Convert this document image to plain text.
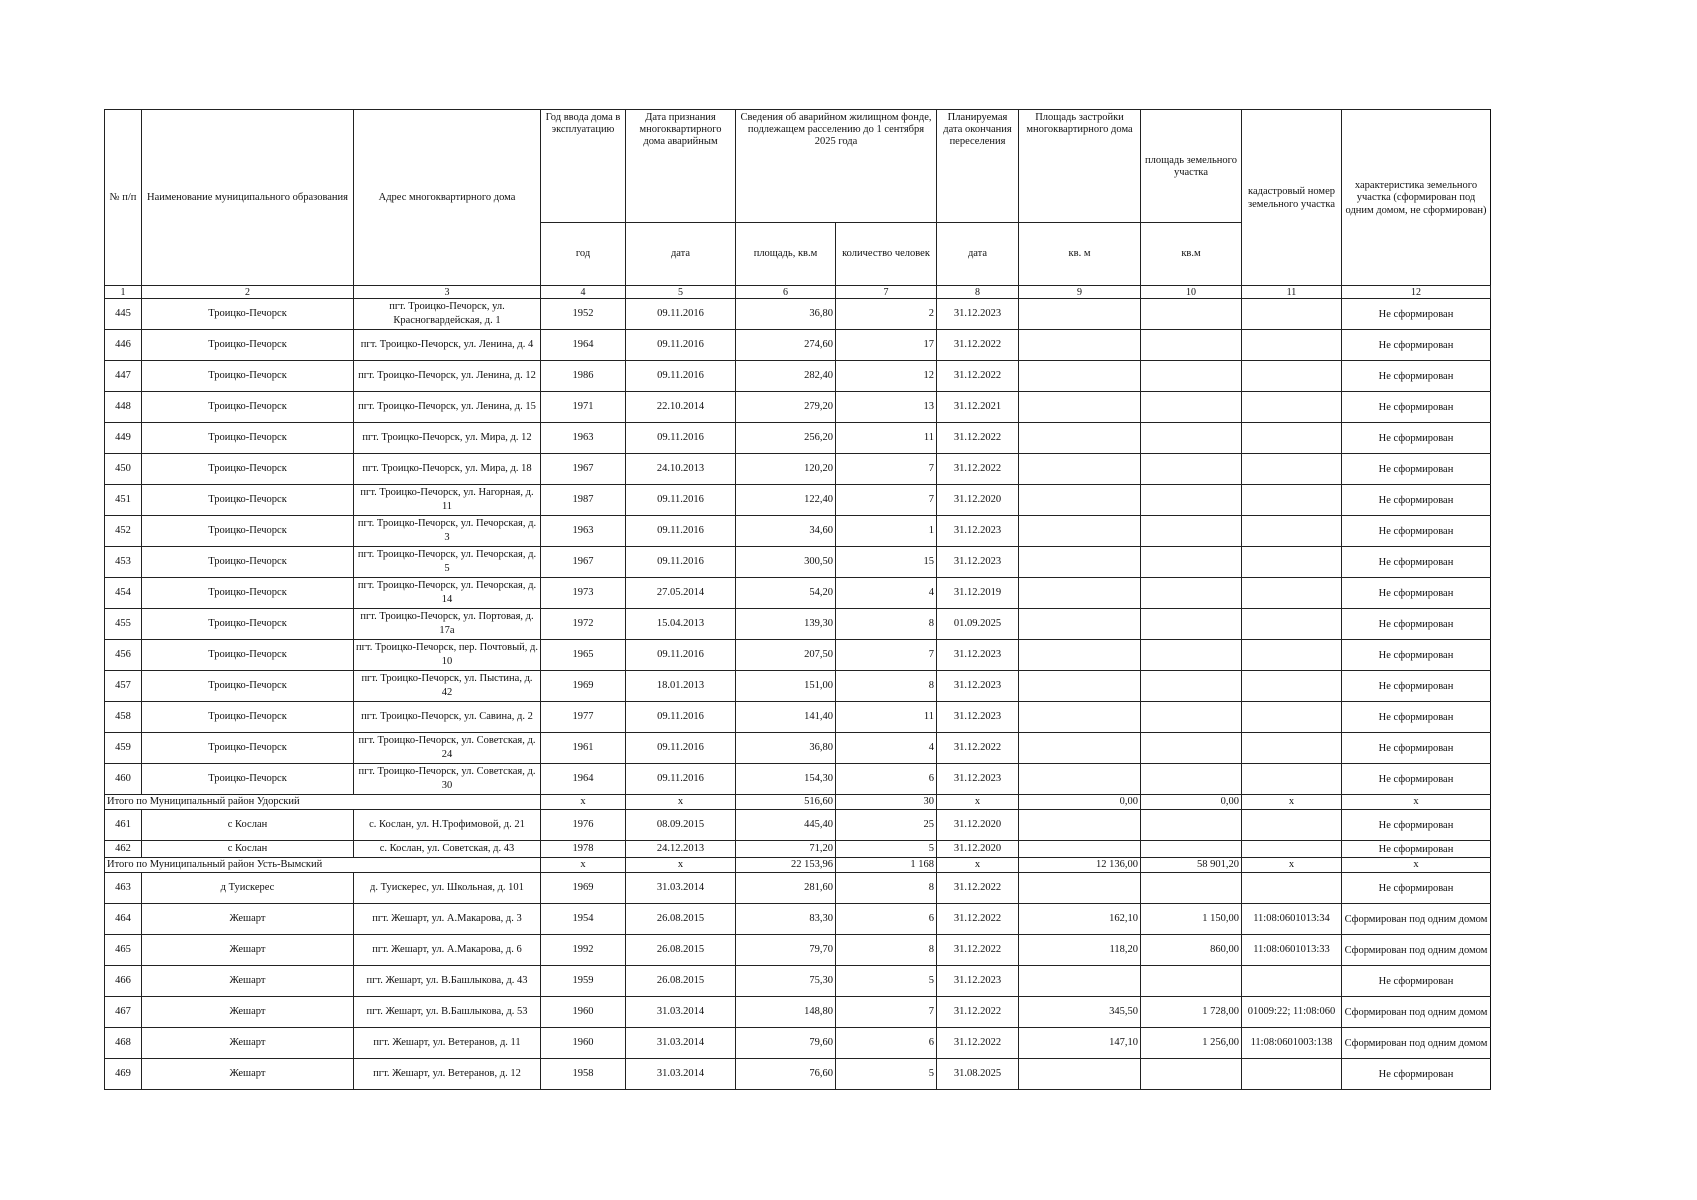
№ п/п	Наименование муниципального образования	Адрес многоквартирного дома	Год ввода дома в эксплуатацию	Дата признания многоквартирного дома аварийным	Сведения об аварийном жилищном фонде, подлежащем расселению до 1 сентября 2025 года		Планируемая дата окончания переселения	Площадь застройки многоквартирного дома	площадь земельного участка	кадастровый номер земельного участка	характеристика земельного участка (сформирован под одним домом, не сформирован)
			год	дата	площадь, кв.м	количество человек	дата	кв. м	кв.м		
1	2	3	4	5	6	7	8	9	10	11	12
445	Троицко-Печорск	пгт. Троицко-Печорск, ул. Красногвардейская, д. 1	1952	09.11.2016	36,80	2	31.12.2023				Не сформирован
446	Троицко-Печорск	пгт. Троицко-Печорск, ул. Ленина, д. 4	1964	09.11.2016	274,60	17	31.12.2022				Не сформирован
447	Троицко-Печорск	пгт. Троицко-Печорск, ул. Ленина, д. 12	1986	09.11.2016	282,40	12	31.12.2022				Не сформирован
448	Троицко-Печорск	пгт. Троицко-Печорск, ул. Ленина, д. 15	1971	22.10.2014	279,20	13	31.12.2021				Не сформирован
449	Троицко-Печорск	пгт. Троицко-Печорск, ул. Мира, д. 12	1963	09.11.2016	256,20	11	31.12.2022				Не сформирован
450	Троицко-Печорск	пгт. Троицко-Печорск, ул. Мира, д. 18	1967	24.10.2013	120,20	7	31.12.2022				Не сформирован
451	Троицко-Печорск	пгт. Троицко-Печорск, ул. Нагорная, д. 11	1987	09.11.2016	122,40	7	31.12.2020				Не сформирован
452	Троицко-Печорск	пгт. Троицко-Печорск, ул. Печорская, д. 3	1963	09.11.2016	34,60	1	31.12.2023				Не сформирован
453	Троицко-Печорск	пгт. Троицко-Печорск, ул. Печорская, д. 5	1967	09.11.2016	300,50	15	31.12.2023				Не сформирован
454	Троицко-Печорск	пгт. Троицко-Печорск, ул. Печорская, д. 14	1973	27.05.2014	54,20	4	31.12.2019				Не сформирован
455	Троицко-Печорск	пгт. Троицко-Печорск, ул. Портовая, д. 17а	1972	15.04.2013	139,30	8	01.09.2025				Не сформирован
456	Троицко-Печорск	пгт. Троицко-Печорск, пер. Почтовый, д. 10	1965	09.11.2016	207,50	7	31.12.2023				Не сформирован
457	Троицко-Печорск	пгт. Троицко-Печорск, ул. Пыстина, д. 42	1969	18.01.2013	151,00	8	31.12.2023				Не сформирован
458	Троицко-Печорск	пгт. Троицко-Печорск, ул. Савина, д. 2	1977	09.11.2016	141,40	11	31.12.2023				Не сформирован
459	Троицко-Печорск	пгт. Троицко-Печорск, ул. Советская, д. 24	1961	09.11.2016	36,80	4	31.12.2022				Не сформирован
460	Троицко-Печорск	пгт. Троицко-Печорск, ул. Советская, д. 30	1964	09.11.2016	154,30	6	31.12.2023				Не сформирован
Итого по Муниципальный район Удорский			x	x	516,60	30	x	0,00	0,00	x	x
461	с Кослан	с. Кослан, ул. Н.Трофимовой, д. 21	1976	08.09.2015	445,40	25	31.12.2020				Не сформирован
462	с Кослан	с. Кослан, ул. Советская, д. 43	1978	24.12.2013	71,20	5	31.12.2020				Не сформирован
Итого по Муниципальный район Усть-Вымский			x	x	22 153,96	1 168	x	12 136,00	58 901,20	x	x
463	д Туискерес	д. Туискерес, ул. Школьная, д. 101	1969	31.03.2014	281,60	8	31.12.2022				Не сформирован
464	Жешарт	пгт. Жешарт, ул. А.Макарова, д. 3	1954	26.08.2015	83,30	6	31.12.2022	162,10	1 150,00	11:08:0601013:34	Сформирован под одним домом
465	Жешарт	пгт. Жешарт, ул. А.Макарова, д. 6	1992	26.08.2015	79,70	8	31.12.2022	118,20	860,00	11:08:0601013:33	Сформирован под одним домом
466	Жешарт	пгт. Жешарт, ул. В.Башлыкова, д. 43	1959	26.08.2015	75,30	5	31.12.2023				Не сформирован
467	Жешарт	пгт. Жешарт, ул. В.Башлыкова, д. 53	1960	31.03.2014	148,80	7	31.12.2022	345,50	1 728,00	01009:22; 11:08:060	Сформирован под одним домом
468	Жешарт	пгт. Жешарт, ул. Ветеранов, д. 11	1960	31.03.2014	79,60	6	31.12.2022	147,10	1 256,00	11:08:0601003:138	Сформирован под одним домом
469	Жешарт	пгт. Жешарт, ул. Ветеранов, д. 12	1958	31.03.2014	76,60	5	31.08.2025				Не сформирован
